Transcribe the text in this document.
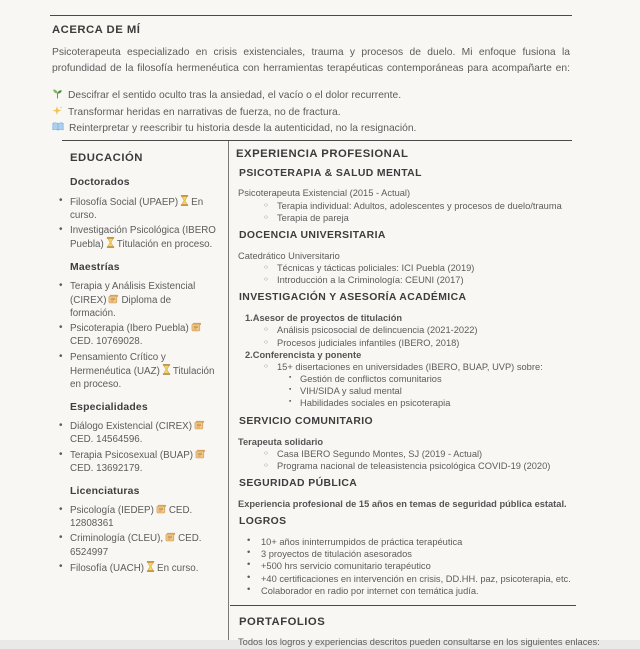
ACERCA DE MÍ

Psicoterapeuta especializado en crisis existenciales, trauma y procesos de duelo. Mi enfoque fusiona la profundidad de la filosofía hermenéutica con herramientas terapéuticas contemporáneas para acompañarte en:

Descifrar el sentido oculto tras la ansiedad, el vacío o el dolor recurrente.
Transformar heridas en narrativas de fuerza, no de fractura.
Reinterpretar y reescribir tu historia desde la autenticidad, no la resignación.
EDUCACIÓN
Doctorados
• Filosofía Social (UPAEP) En curso.
• Investigación Psicológica (IBERO Puebla) Titulación en proceso.
Maestrías
• Terapia y Análisis Existencial (CIREX) Diploma de formación.
• Psicoterapia (Ibero Puebla)CED. 10769028.
• Pensamiento Crítico y Hermenéutica (UAZ) Titulación en proceso.
Especialidades
• Diálogo Existencial (CIREX)CED. 14564596.
• Terapia Psicosexual (BUAP)CED. 13692179.
Licenciaturas
• Psicología (IEDEP) CED. 12808361
• Criminología (CLEU), CED. 6524997
• Filosofía (UACH) En curso.
EXPERIENCIA PROFESIONAL
PSICOTERAPIA & SALUD MENTAL
Psicoterapeuta Existencial (2015 - Actual)
○ Terapia individual: Adultos, adolescentes y procesos de duelo/trauma
○ Terapia de pareja
DOCENCIA UNIVERSITARIA
Catedrático Universitario
○ Técnicas y tácticas policiales: ICI Puebla (2019)
○ Introducción a la Criminología: CEUNI (2017)
INVESTIGACIÓN Y ASESORÍA ACADÉMICA
1.Asesor de proyectos de titulación
○ Análisis psicosocial de delincuencia (2021-2022)
○ Procesos judiciales infantiles (IBERO, 2018)
2.Conferencista y ponente
○ 15+ disertaciones en universidades (IBERO, BUAP, UVP) sobre:
▪ Gestión de conflictos comunitarios
▪ VIH/SIDA y salud mental
▪ Habilidades sociales en psicoterapia
SERVICIO COMUNITARIO
Terapeuta solidario
○ Casa IBERO Segundo Montes, SJ (2019 - Actual)
○ Programa nacional de teleasistencia psicológica COVID-19 (2020)
SEGURIDAD PÚBLICA
Experiencia profesional de 15 años en temas de seguridad pública estatal.
LOGROS
• 10+ años ininterrumpidos de práctica terapéutica
• 3 proyectos de titulación asesorados
• +500 hrs servicio comunitario terapéutico
• +40 certificaciones en intervención en crisis, DD.HH. paz, psicoterapia, etc.
• Colaborador en radio por internet con temática judía.
PORTAFOLIOS

Todos los logros y experiencias descritos pueden consultarse en los siguientes enlaces:
